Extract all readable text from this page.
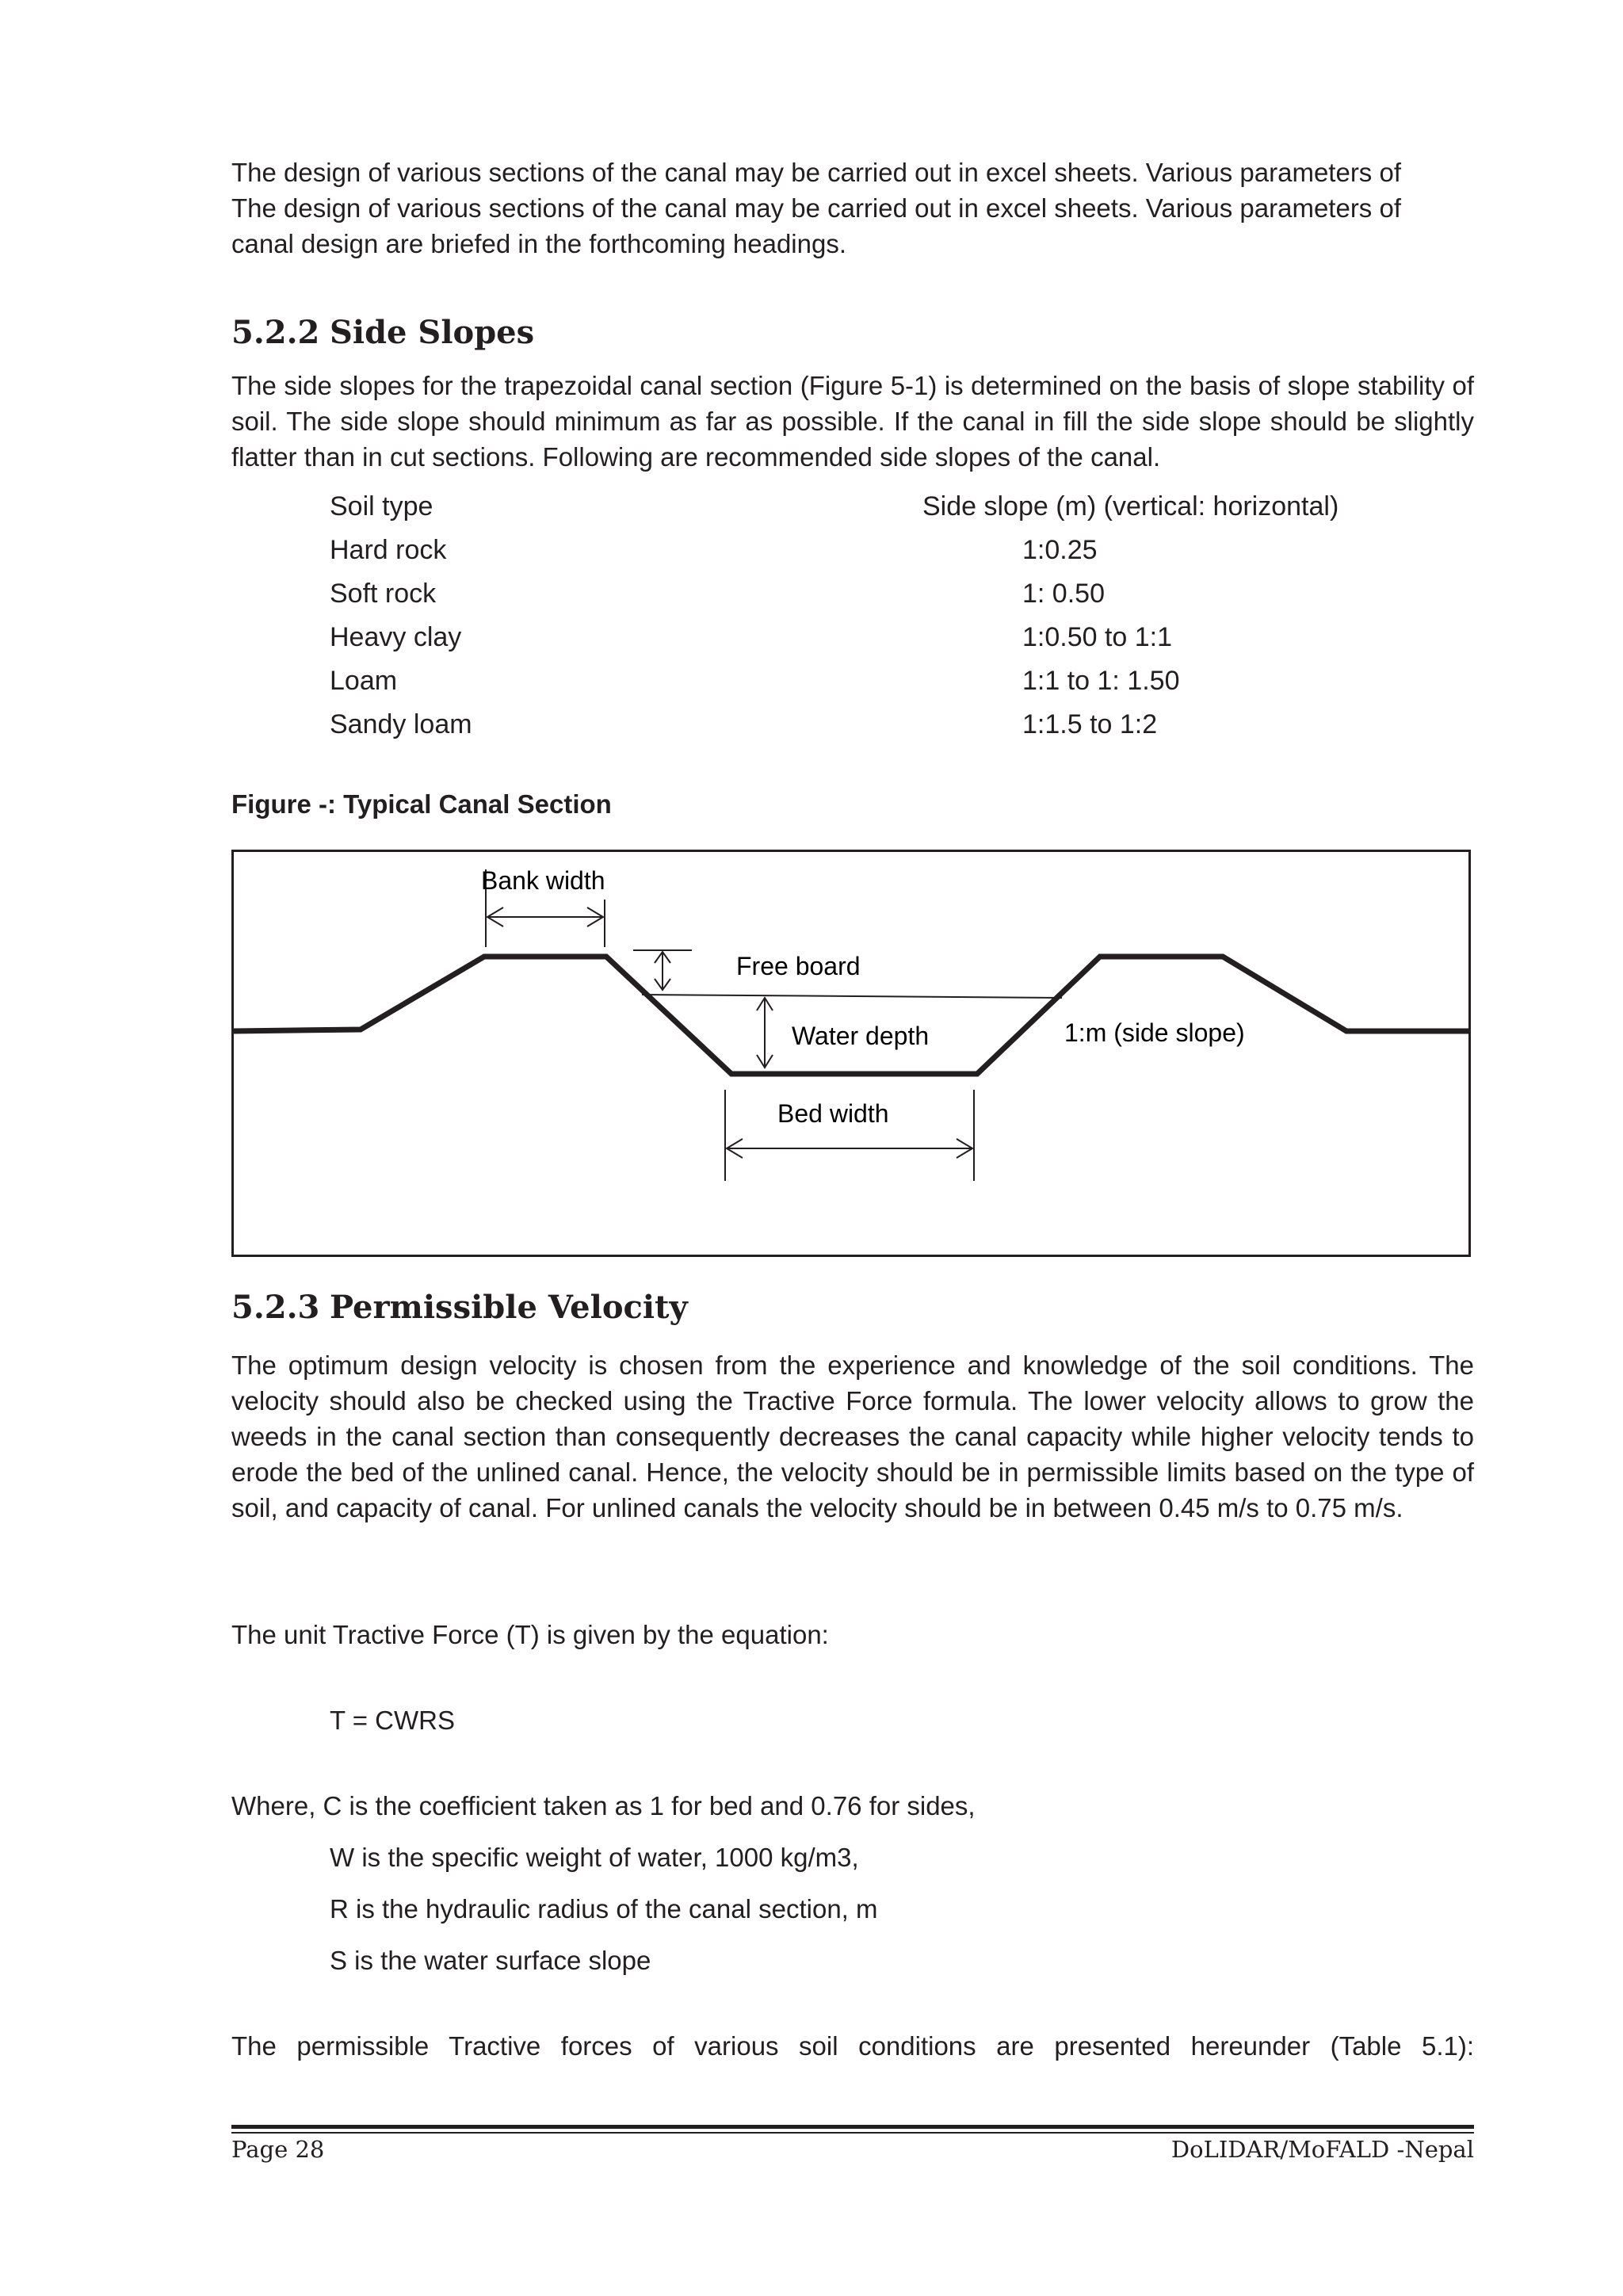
The design of various sections of the canal may be carried out in excel sheets. Various parameters of

The design of various sections of the canal may be carried out in excel sheets. Various parameters of

canal design are briefed in the forthcoming headings.

5.2.2 Side Slopes

The side slopes for the trapezoidal canal section (Figure 5-1) is determined on the basis of slope stability of soil. The side slope should minimum as far as possible. If the canal in fill the side slope should be slightly flatter than in cut sections. Following are recommended side slopes of the canal.

Soil type	Side slope (m) (vertical: horizontal)
Hard rock	1:0.25
Soft rock	1: 0.50
Heavy clay	1:0.50 to 1:1
Loam	1:1 to 1: 1.50
Sandy loam	1:1.5 to 1:2

Figure -: Typical Canal Section

Bank width
Free board
Water depth	1:m (side slope)
Bed width
5.2.3 Permissible Velocity

The optimum design velocity is chosen from the experience and knowledge of the soil conditions. The velocity should also be checked using the Tractive Force formula. The lower velocity allows to grow the weeds in the canal section than consequently decreases the canal capacity while higher velocity tends to erode the bed of the unlined canal. Hence, the velocity should be in permissible limits based on the type of soil, and capacity of canal. For unlined canals the velocity should be in between 0.45 m/s to 0.75 m/s.

The unit Tractive Force (T) is given by the equation:

T = CWRS

Where, C is the coefficient taken as 1 for bed and 0.76 for sides,

W is the specific weight of water, 1000 kg/m3,

R is the hydraulic radius of the canal section, m

S is the water surface slope

The permissible Tractive forces of various soil conditions are presented hereunder (Table 5.1):

Page 28	DoLIDAR/MoFALD -Nepal
